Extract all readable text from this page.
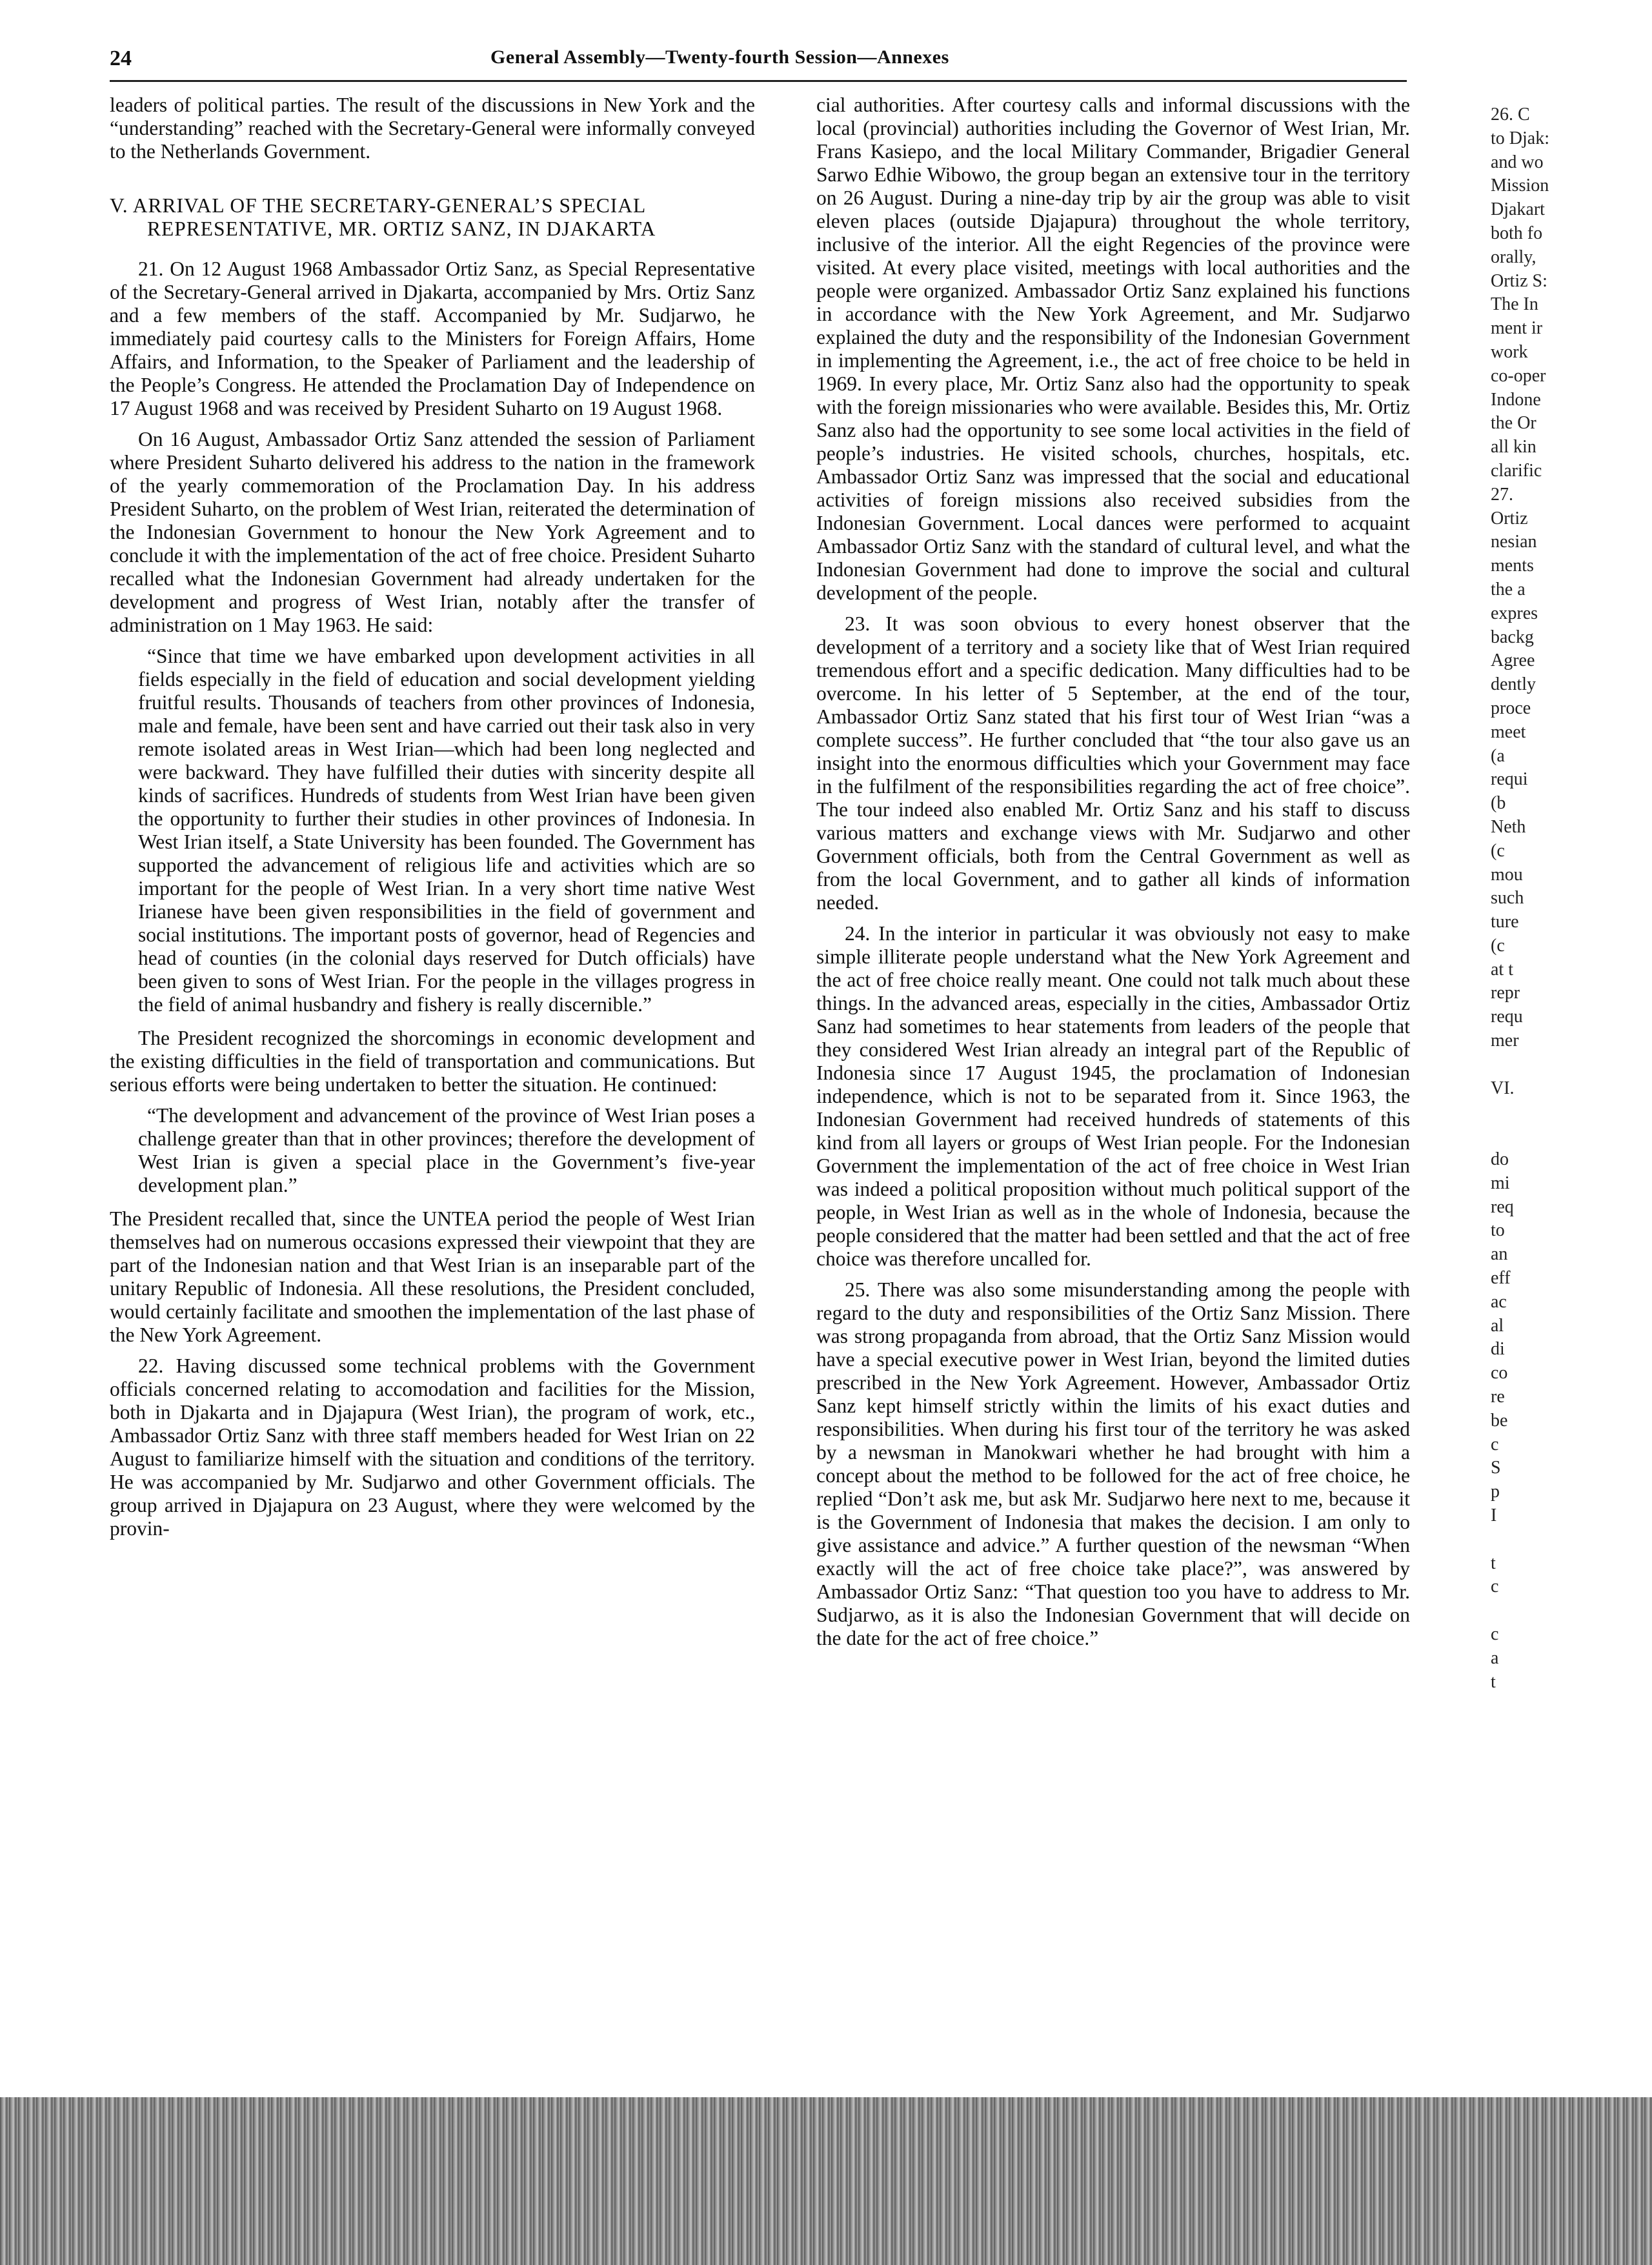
24	General Assembly—Twenty-fourth Session—Annexes

leaders of political parties. The result of the discussions in New York and the “understanding” reached with the Secretary-General were informally conveyed to the Netherlands Government.

V. ARRIVAL OF THE SECRETARY-GENERAL’S SPECIAL REPRESENTATIVE, MR. ORTIZ SANZ, IN DJAKARTA

21. On 12 August 1968 Ambassador Ortiz Sanz, as Special Representative of the Secretary-General arrived in Djakarta, accompanied by Mrs. Ortiz Sanz and a few members of the staff. Accompanied by Mr. Sudjarwo, he immediately paid courtesy calls to the Ministers for Foreign Affairs, Home Affairs, and Information, to the Speaker of Parliament and the leadership of the People’s Congress. He attended the Proclamation Day of Independence on 17 August 1968 and was received by President Suharto on 19 August 1968.

On 16 August, Ambassador Ortiz Sanz attended the session of Parliament where President Suharto delivered his address to the nation in the framework of the yearly commemoration of the Proclamation Day. In his address President Suharto, on the problem of West Irian, reiterated the determination of the Indonesian Government to honour the New York Agreement and to conclude it with the implementation of the act of free choice. President Suharto recalled what the Indonesian Government had already undertaken for the development and progress of West Irian, notably after the transfer of administration on 1 May 1963. He said:

“Since that time we have embarked upon development activities in all fields especially in the field of education and social development yielding fruitful results. Thousands of teachers from other provinces of Indonesia, male and female, have been sent and have carried out their task also in very remote isolated areas in West Irian—which had been long neglected and were backward. They have fulfilled their duties with sincerity despite all kinds of sacrifices. Hundreds of students from West Irian have been given the opportunity to further their studies in other provinces of Indonesia. In West Irian itself, a State University has been founded. The Government has supported the advancement of religious life and activities which are so important for the people of West Irian. In a very short time native West Irianese have been given responsibilities in the field of government and social institutions. The important posts of governor, head of Regencies and head of counties (in the colonial days reserved for Dutch officials) have been given to sons of West Irian. For the people in the villages progress in the field of animal husbandry and fishery is really discernible.”

The President recognized the shorcomings in economic development and the existing difficulties in the field of transportation and communications. But serious efforts were being undertaken to better the situation. He continued:

“The development and advancement of the province of West Irian poses a challenge greater than that in other provinces; therefore the development of West Irian is given a special place in the Government’s five-year development plan.”

The President recalled that, since the UNTEA period the people of West Irian themselves had on numerous occasions expressed their viewpoint that they are part of the Indonesian nation and that West Irian is an inseparable part of the unitary Republic of Indonesia. All these resolutions, the President concluded, would certainly facilitate and smoothen the implementation of the last phase of the New York Agreement.

22. Having discussed some technical problems with the Government officials concerned relating to accomodation and facilities for the Mission, both in Djakarta and in Djajapura (West Irian), the program of work, etc., Ambassador Ortiz Sanz with three staff members headed for West Irian on 22 August to familiarize himself with the situation and conditions of the territory. He was accompanied by Mr. Sudjarwo and other Government officials. The group arrived in Djajapura on 23 August, where they were welcomed by the provin-

cial authorities. After courtesy calls and informal discussions with the local (provincial) authorities including the Governor of West Irian, Mr. Frans Kasiepo, and the local Military Commander, Brigadier General Sarwo Edhie Wibowo, the group began an extensive tour in the territory on 26 August. During a nine-day trip by air the group was able to visit eleven places (outside Djajapura) throughout the whole territory, inclusive of the interior. All the eight Regencies of the province were visited. At every place visited, meetings with local authorities and the people were organized. Ambassador Ortiz Sanz explained his functions in accordance with the New York Agreement, and Mr. Sudjarwo explained the duty and the responsibility of the Indonesian Government in implementing the Agreement, i.e., the act of free choice to be held in 1969. In every place, Mr. Ortiz Sanz also had the opportunity to speak with the foreign missionaries who were available. Besides this, Mr. Ortiz Sanz also had the opportunity to see some local activities in the field of people’s industries. He visited schools, churches, hospitals, etc. Ambassador Ortiz Sanz was impressed that the social and educational activities of foreign missions also received subsidies from the Indonesian Government. Local dances were performed to acquaint Ambassador Ortiz Sanz with the standard of cultural level, and what the Indonesian Government had done to improve the social and cultural development of the people.

23. It was soon obvious to every honest observer that the development of a territory and a society like that of West Irian required tremendous effort and a specific dedication. Many difficulties had to be overcome. In his letter of 5 September, at the end of the tour, Ambassador Ortiz Sanz stated that his first tour of West Irian “was a complete success”. He further concluded that “the tour also gave us an insight into the enormous difficulties which your Government may face in the fulfilment of the responsibilities regarding the act of free choice”. The tour indeed also enabled Mr. Ortiz Sanz and his staff to discuss various matters and exchange views with Mr. Sudjarwo and other Government officials, both from the Central Government as well as from the local Government, and to gather all kinds of information needed.

24. In the interior in particular it was obviously not easy to make simple illiterate people understand what the New York Agreement and the act of free choice really meant. One could not talk much about these things. In the advanced areas, especially in the cities, Ambassador Ortiz Sanz had sometimes to hear statements from leaders of the people that they considered West Irian already an integral part of the Republic of Indonesia since 17 August 1945, the proclamation of Indonesian independence, which is not to be separated from it. Since 1963, the Indonesian Government had received hundreds of statements of this kind from all layers or groups of West Irian people. For the Indonesian Government the implementation of the act of free choice in West Irian was indeed a political proposition without much political support of the people, in West Irian as well as in the whole of Indonesia, because the people considered that the matter had been settled and that the act of free choice was therefore uncalled for.

25. There was also some misunderstanding among the people with regard to the duty and responsibilities of the Ortiz Sanz Mission. There was strong propaganda from abroad, that the Ortiz Sanz Mission would have a special executive power in West Irian, beyond the limited duties prescribed in the New York Agreement. However, Ambassador Ortiz Sanz kept himself strictly within the limits of his exact duties and responsibilities. When during his first tour of the territory he was asked by a newsman in Manokwari whether he had brought with him a concept about the method to be followed for the act of free choice, he replied “Don’t ask me, but ask Mr. Sudjarwo here next to me, because it is the Government of Indonesia that makes the decision. I am only to give assistance and advice.” A further question of the newsman “When exactly will the act of free choice take place?”, was answered by Ambassador Ortiz Sanz: “That question too you have to address to Mr. Sudjarwo, as it is also the Indonesian Government that will decide on the date for the act of free choice.”

26. C
to Djak:
and wo
Mission
Djakart
both fo
orally,
Ortiz S:
The In
ment ir
work
co-oper
Indone
the Or
all kin
clarific
27.
Ortiz
nesian
ments
the a
expres
backg
Agree
dently
proce
meet
(a
requi
(b
Neth
(c
mou
such
ture
(c
at t
repr
requ
mer
VI.
do
mi
req
to
an
eff
ac
al
di
co
re
be
c
S
p
I
t
c
c
a
t
